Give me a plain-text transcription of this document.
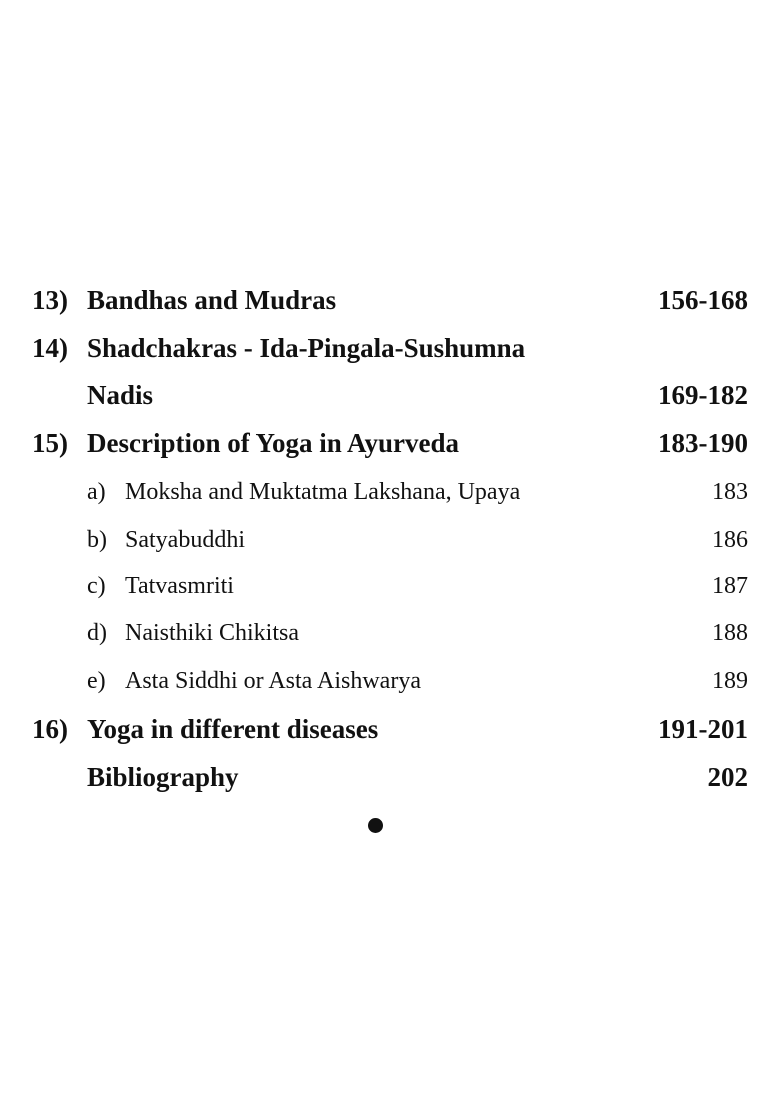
13) Bandhas and Mudras	156-168
14) Shadchakras - Ida-Pingala-Sushumna
Nadis	169-182
15) Description of Yoga in Ayurveda	183-190
a) Moksha and Muktatma Lakshana, Upaya	183
b) Satyabuddhi	186
c) Tatvasmriti	187
d) Naisthiki Chikitsa	188
e) Asta Siddhi or Asta Aishwarya	189
16) Yoga in different diseases	191-201
Bibliography	202
